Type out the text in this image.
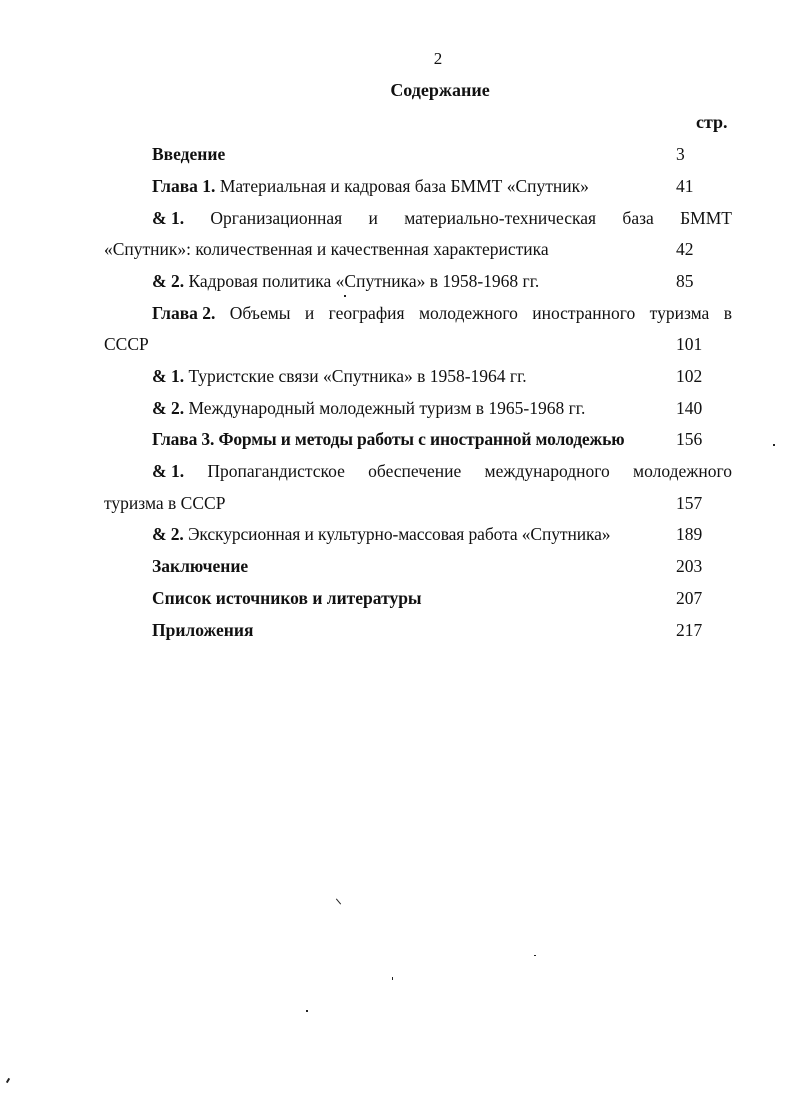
2
Содержание
стр.
Введение	3
Глава 1. Материальная и кадровая база БММТ «Спутник»	41
& 1. Организационная и материально-техническая база БММТ
«Спутник»: количественная и качественная характеристика	42
& 2. Кадровая политика «Спутника» в 1958-1968 гг.	85
Глава 2. Объемы и география молодежного иностранного туризма в
СССР	101
& 1. Туристские связи «Спутника» в 1958-1964 гг.	102
& 2. Международный молодежный туризм в 1965-1968 гг.	140
Глава 3. Формы и методы работы с иностранной молодежью	156
& 1. Пропагандистское обеспечение международного молодежного
туризма в СССР	157
& 2. Экскурсионная и культурно-массовая работа «Спутника»	189
Заключение	203
Список источников и литературы	207
Приложения	217
